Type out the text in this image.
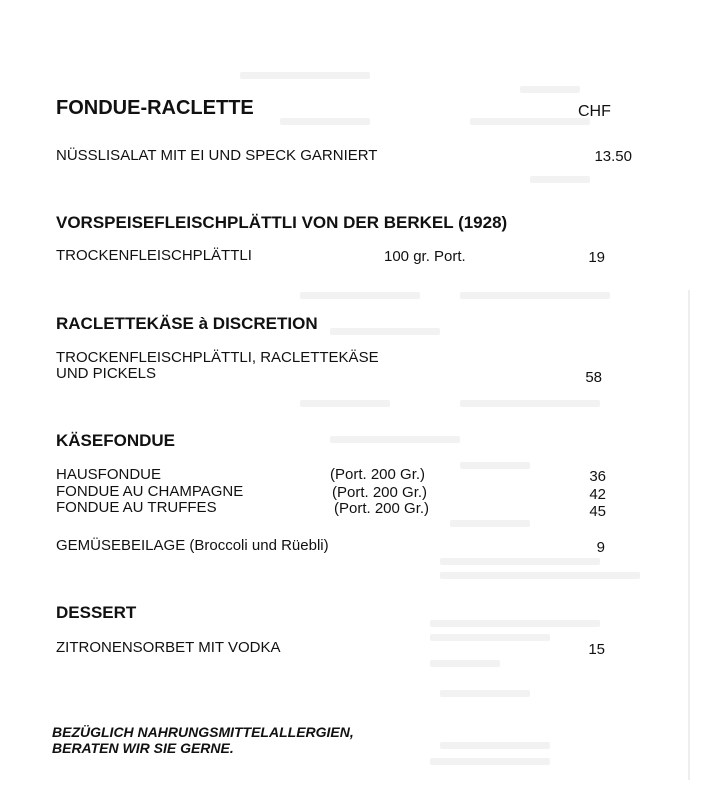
FONDUE-RACLETTE	CHF
NÜSSLISALAT MIT EI UND SPECK GARNIERT	13.50
VORSPEISEFLEISCHPLÄTTLI VON DER BERKEL (1928)
TROCKENFLEISCHPLÄTTLI	100 gr. Port.	19
RACLETTEKÄSE à DISCRETION
TROCKENFLEISCHPLÄTTLI, RACLETTEKÄSE
UND PICKELS	58
KÄSEFONDUE
HAUSFONDUE	(Port. 200 Gr.)	36
FONDUE AU CHAMPAGNE	(Port. 200 Gr.)	42
FONDUE AU TRUFFES	(Port. 200 Gr.)	45
GEMÜSEBEILAGE (Broccoli und Rüebli)	9
DESSERT
ZITRONENSORBET MIT VODKA	15
BEZÜGLICH NAHRUNGSMITTELALLERGIEN,
BERATEN WIR SIE GERNE.
